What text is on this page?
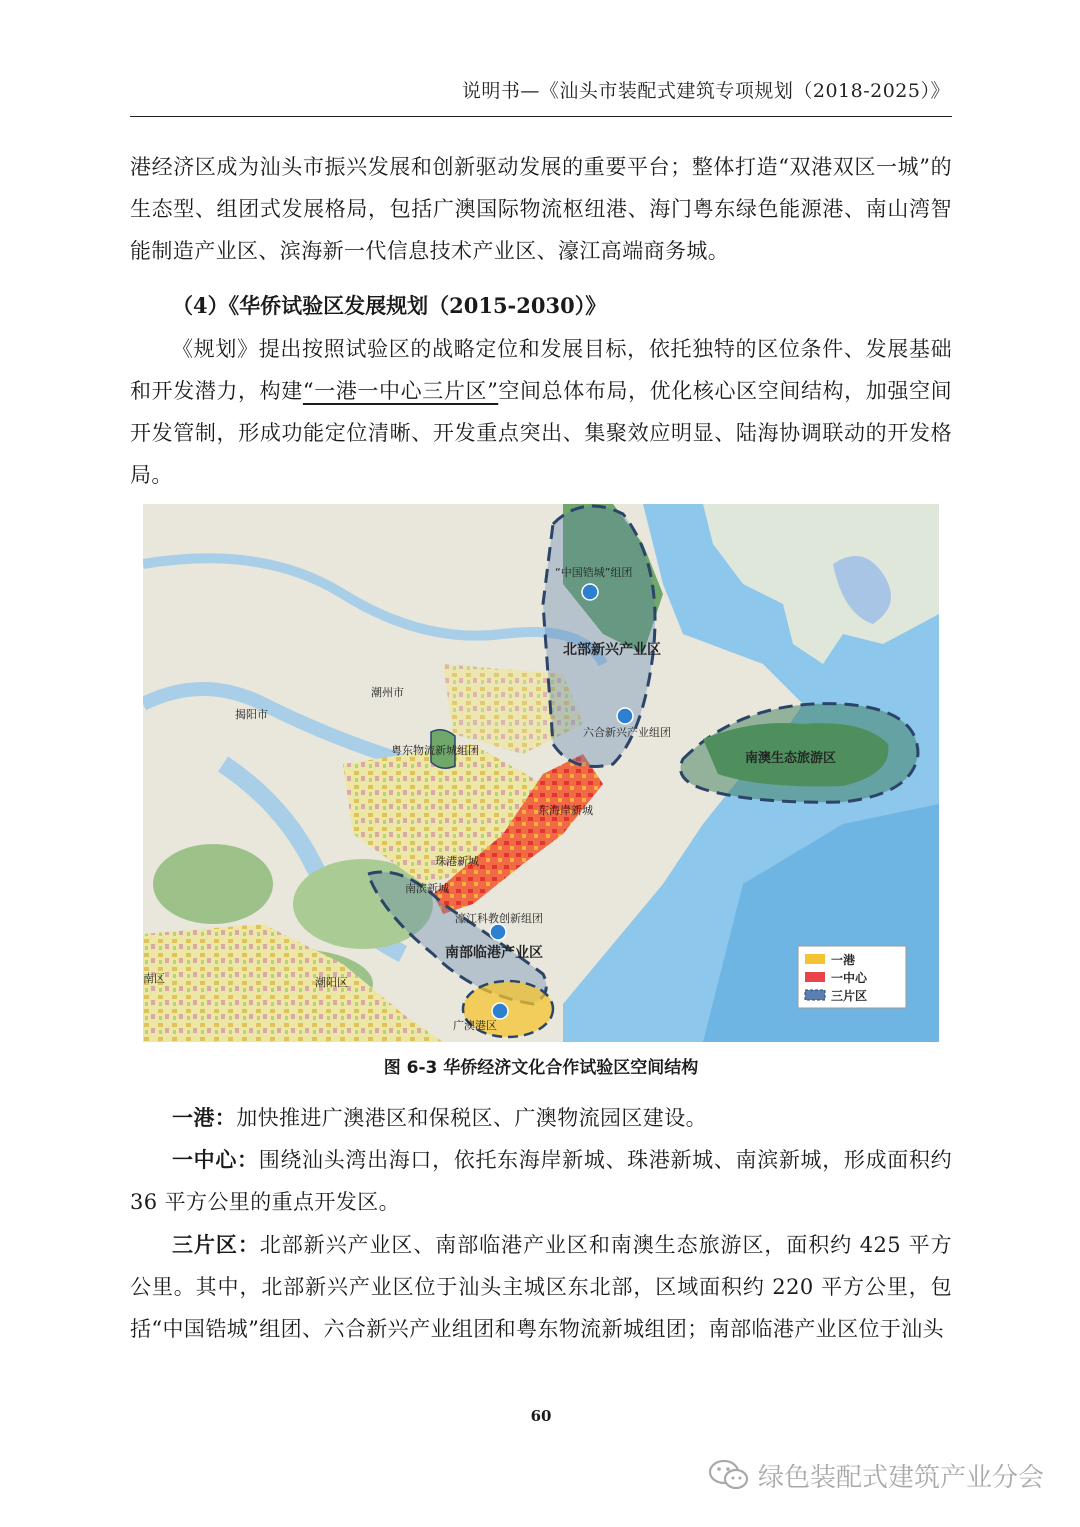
说明书—《汕头市装配式建筑专项规划（2018-2025）》

港经济区成为汕头市振兴发展和创新驱动发展的重要平台；整体打造“双港双区一城”的生态型、组团式发展格局，包括广澳国际物流枢纽港、海门粤东绿色能源港、南山湾智能制造产业区、滨海新一代信息技术产业区、濠江高端商务城。

（4）《华侨试验区发展规划（2015-2030）》

《规划》提出按照试验区的战略定位和发展目标，依托独特的区位条件、发展基础和开发潜力，构建“一港一中心三片区”空间总体布局，优化核心区空间结构，加强空间开发管制，形成功能定位清晰、开发重点突出、集聚效应明显、陆海协调联动的开发格局。

“中国锆城”组团
北部新兴产业区
潮州市
揭阳市
六合新兴产业组团
南澳生态旅游区
粤东物流新城组团
东海岸新城
珠港新城
南滨新城
濠江科教创新组团
南部临港产业区
潮阳区
南区
广澳港区
一港
一中心
三片区

图 6-3 华侨经济文化合作试验区空间结构

一港：加快推进广澳港区和保税区、广澳物流园区建设。

一中心：围绕汕头湾出海口，依托东海岸新城、珠港新城、南滨新城，形成面积约 36 平方公里的重点开发区。

三片区：北部新兴产业区、南部临港产业区和南澳生态旅游区，面积约 425 平方公里。其中，北部新兴产业区位于汕头主城区东北部，区域面积约 220 平方公里，包括“中国锆城”组团、六合新兴产业组团和粤东物流新城组团；南部临港产业区位于汕头

60
绿色装配式建筑产业分会
